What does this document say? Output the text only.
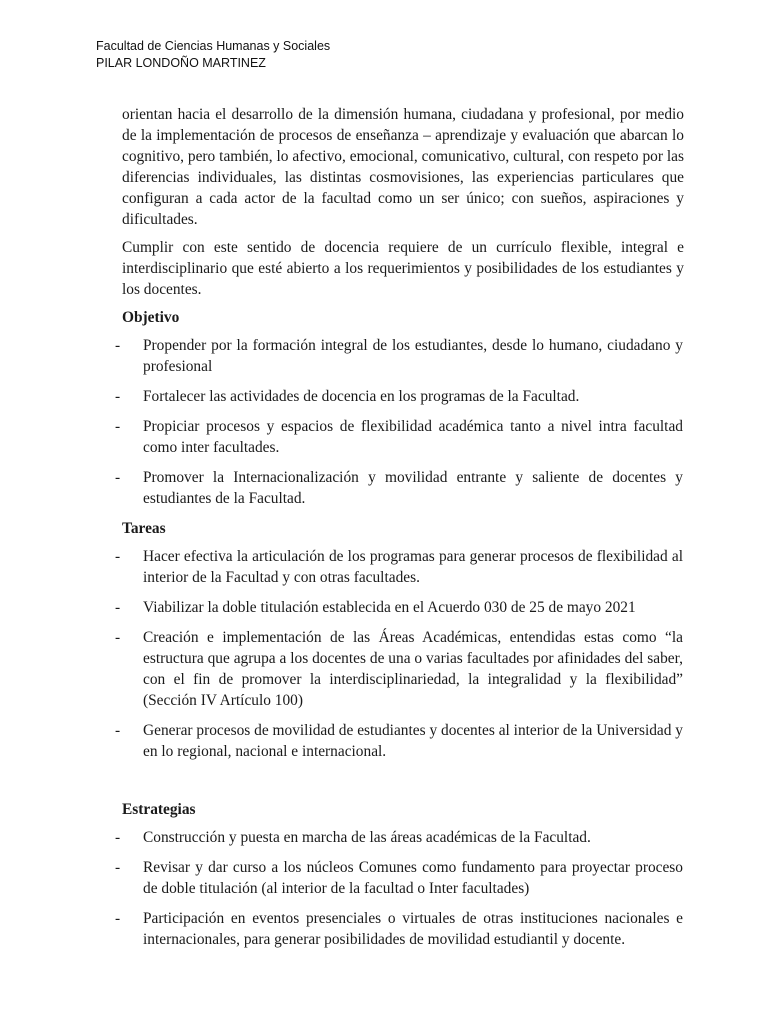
Facultad de Ciencias Humanas y Sociales
PILAR LONDOÑO MARTINEZ

orientan hacia el desarrollo de la dimensión humana, ciudadana y profesional, por medio de la implementación de procesos de enseñanza – aprendizaje y evaluación que abarcan lo cognitivo, pero también, lo afectivo, emocional, comunicativo, cultural, con respeto por las diferencias individuales, las distintas cosmovisiones, las experiencias particulares que configuran a cada actor de la facultad como un ser único; con sueños, aspiraciones y dificultades.

Cumplir con este sentido de docencia requiere de un currículo flexible, integral e interdisciplinario que esté abierto a los requerimientos y posibilidades de los estudiantes y los docentes.

Objetivo
- Propender por la formación integral de los estudiantes, desde lo humano, ciudadano y profesional
- Fortalecer las actividades de docencia en los programas de la Facultad.
- Propiciar procesos y espacios de flexibilidad académica tanto a nivel intra facultad como inter facultades.
- Promover la Internacionalización y movilidad entrante y saliente de docentes y estudiantes de la Facultad.
Tareas
- Hacer efectiva la articulación de los programas para generar procesos de flexibilidad al interior de la Facultad y con otras facultades.
- Viabilizar la doble titulación establecida en el Acuerdo 030 de 25 de mayo 2021
- Creación e implementación de las Áreas Académicas, entendidas estas como “la estructura que agrupa a los docentes de una o varias facultades por afinidades del saber, con el fin de promover la interdisciplinariedad, la integralidad y la flexibilidad” (Sección IV Artículo 100)
- Generar procesos de movilidad de estudiantes y docentes al interior de la Universidad y en lo regional, nacional e internacional.
Estrategias
- Construcción y puesta en marcha de las áreas académicas de la Facultad.
- Revisar y dar curso a los núcleos Comunes como fundamento para proyectar proceso de doble titulación (al interior de la facultad o Inter facultades)
- Participación en eventos presenciales o virtuales de otras instituciones nacionales e internacionales, para generar posibilidades de movilidad estudiantil y docente.
